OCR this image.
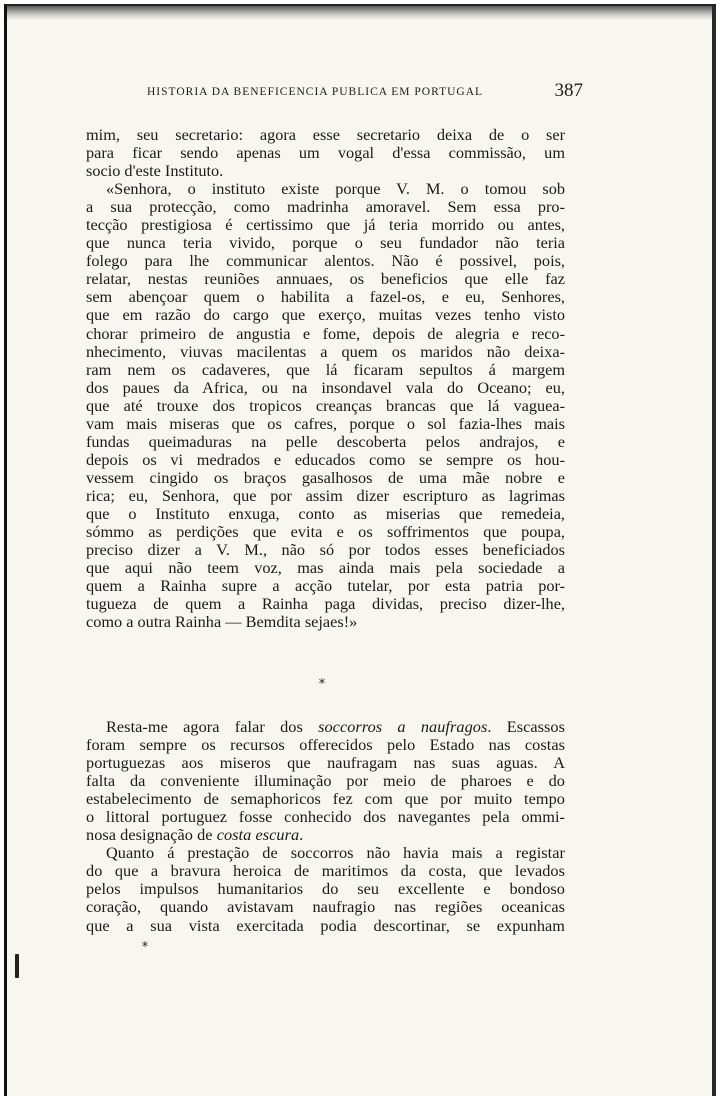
HISTORIA DA BENEFICENCIA PUBLICA EM PORTUGAL	387
mim, seu secretario: agora esse secretario deixa de o ser
para ficar sendo apenas um vogal d'essa commissão, um
socio d'este Instituto.
«Senhora, o instituto existe porque V. M. o tomou sob
a sua protecção, como madrinha amoravel. Sem essa pro-
tecção prestigiosa é certissimo que já teria morrido ou antes,
que nunca teria vivido, porque o seu fundador não teria
folego para lhe communicar alentos. Não é possivel, pois,
relatar, nestas reuniões annuaes, os beneficios que elle faz
sem abençoar quem o habilita a fazel-os, e eu, Senhores,
que em razão do cargo que exerço, muitas vezes tenho visto
chorar primeiro de angustia e fome, depois de alegria e reco-
nhecimento, viuvas macilentas a quem os maridos não deixa-
ram nem os cadaveres, que lá ficaram sepultos á margem
dos paues da Africa, ou na insondavel vala do Oceano; eu,
que até trouxe dos tropicos creanças brancas que lá vaguea-
vam mais miseras que os cafres, porque o sol fazia-lhes mais
fundas queimaduras na pelle descoberta pelos andrajos, e
depois os vi medrados e educados como se sempre os hou-
vessem cingido os braços gasalhosos de uma mãe nobre e
rica; eu, Senhora, que por assim dizer escripturo as lagrimas
que o Instituto enxuga, conto as miserias que remedeia,
sómmo as perdições que evita e os soffrimentos que poupa,
preciso dizer a V. M., não só por todos esses beneficiados
que aqui não teem voz, mas ainda mais pela sociedade a
quem a Rainha supre a acção tutelar, por esta patria por-
tugueza de quem a Rainha paga dividas, preciso dizer-lhe,
como a outra Rainha — Bemdita sejaes!»
*
Resta-me agora falar dos soccorros a naufragos. Escassos
foram sempre os recursos offerecidos pelo Estado nas costas
portuguezas aos miseros que naufragam nas suas aguas. A
falta da conveniente illuminação por meio de pharoes e do
estabelecimento de semaphoricos fez com que por muito tempo
o littoral portuguez fosse conhecido dos navegantes pela ommi-
nosa designação de costa escura.
Quanto á prestação de soccorros não havia mais a registar
do que a bravura heroica de maritimos da costa, que levados
pelos impulsos humanitarios do seu excellente e bondoso
coração, quando avistavam naufragio nas regiões oceanicas
que a sua vista exercitada podia descortinar, se expunham
*
